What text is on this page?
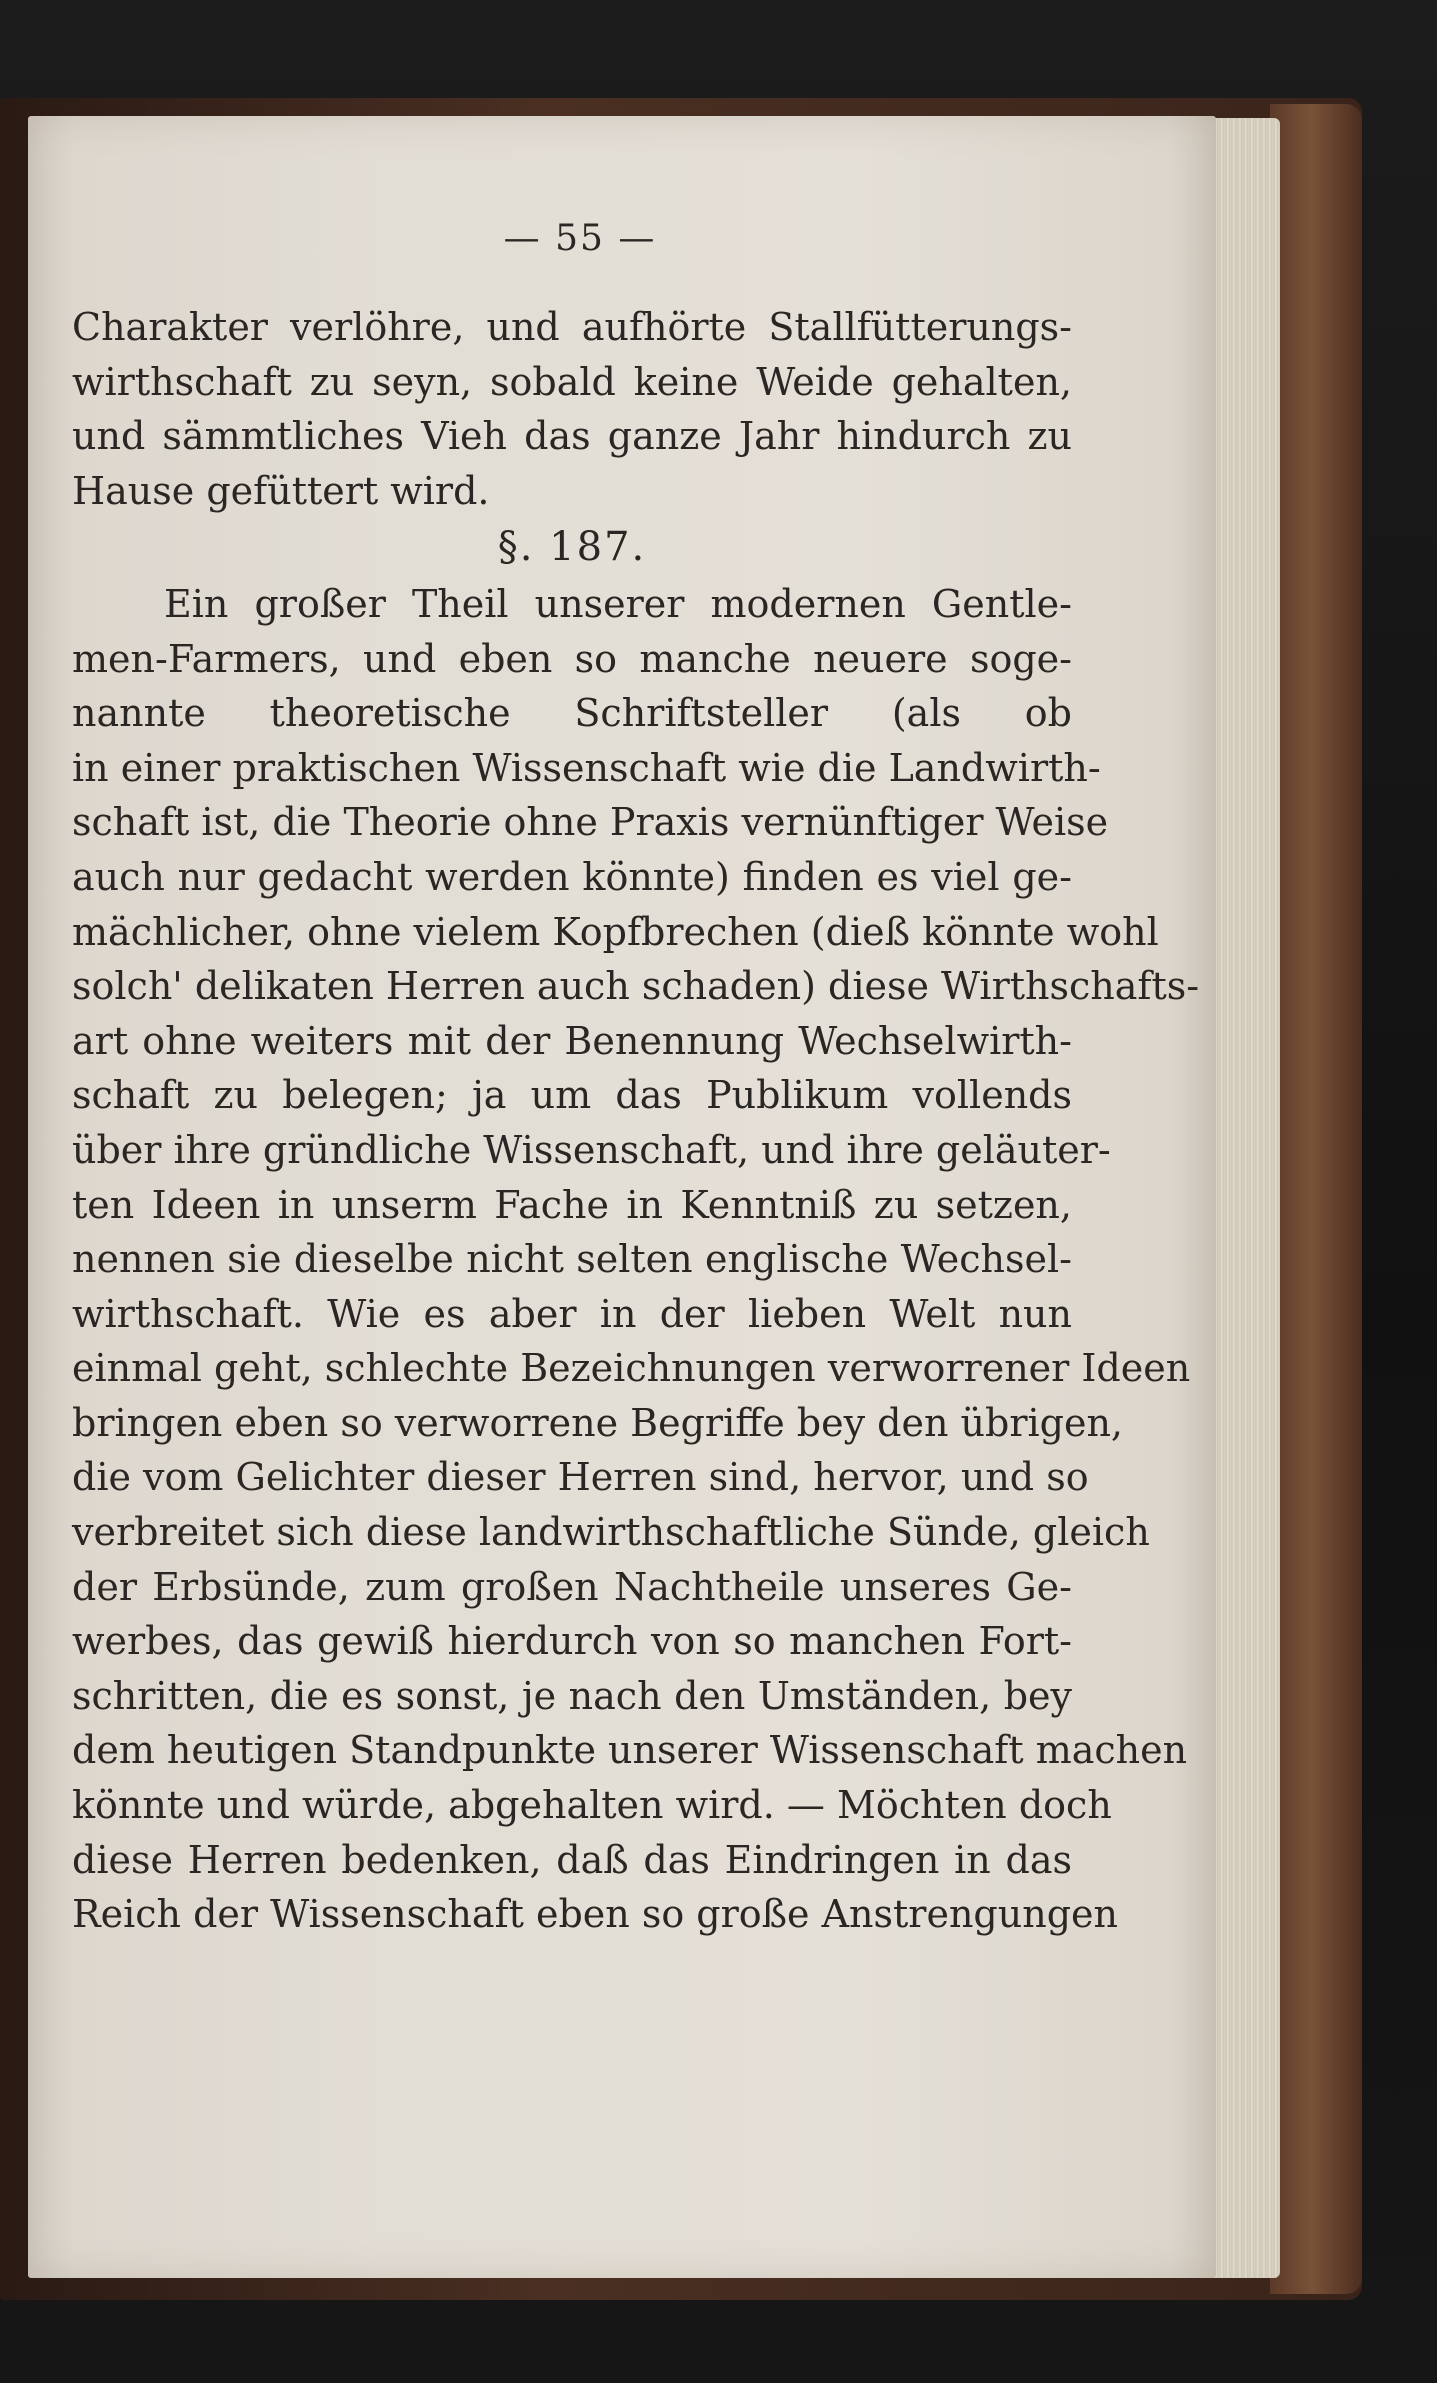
— 55 —
Charakter verlöhre, und aufhörte Stallfütterungs-
wirthschaft zu seyn, sobald keine Weide gehalten,
und sämmtliches Vieh das ganze Jahr hindurch zu
Hause gefüttert wird.
§. 187.
Ein großer Theil unserer modernen Gentle-
men-Farmers, und eben so manche neuere soge-
nannte theoretische Schriftsteller (als ob
in einer praktischen Wissenschaft wie die Landwirth-
schaft ist, die Theorie ohne Praxis vernünftiger Weise
auch nur gedacht werden könnte) finden es viel ge-
mächlicher, ohne vielem Kopfbrechen (dieß könnte wohl
solch' delikaten Herren auch schaden) diese Wirthschafts-
art ohne weiters mit der Benennung Wechselwirth-
schaft zu belegen; ja um das Publikum vollends
über ihre gründliche Wissenschaft, und ihre geläuter-
ten Ideen in unserm Fache in Kenntniß zu setzen,
nennen sie dieselbe nicht selten englische Wechsel-
wirthschaft. Wie es aber in der lieben Welt nun
einmal geht, schlechte Bezeichnungen verworrener Ideen
bringen eben so verworrene Begriffe bey den übrigen,
die vom Gelichter dieser Herren sind, hervor, und so
verbreitet sich diese landwirthschaftliche Sünde, gleich
der Erbsünde, zum großen Nachtheile unseres Ge-
werbes, das gewiß hierdurch von so manchen Fort-
schritten, die es sonst, je nach den Umständen, bey
dem heutigen Standpunkte unserer Wissenschaft machen
könnte und würde, abgehalten wird. — Möchten doch
diese Herren bedenken, daß das Eindringen in das
Reich der Wissenschaft eben so große Anstrengungen
